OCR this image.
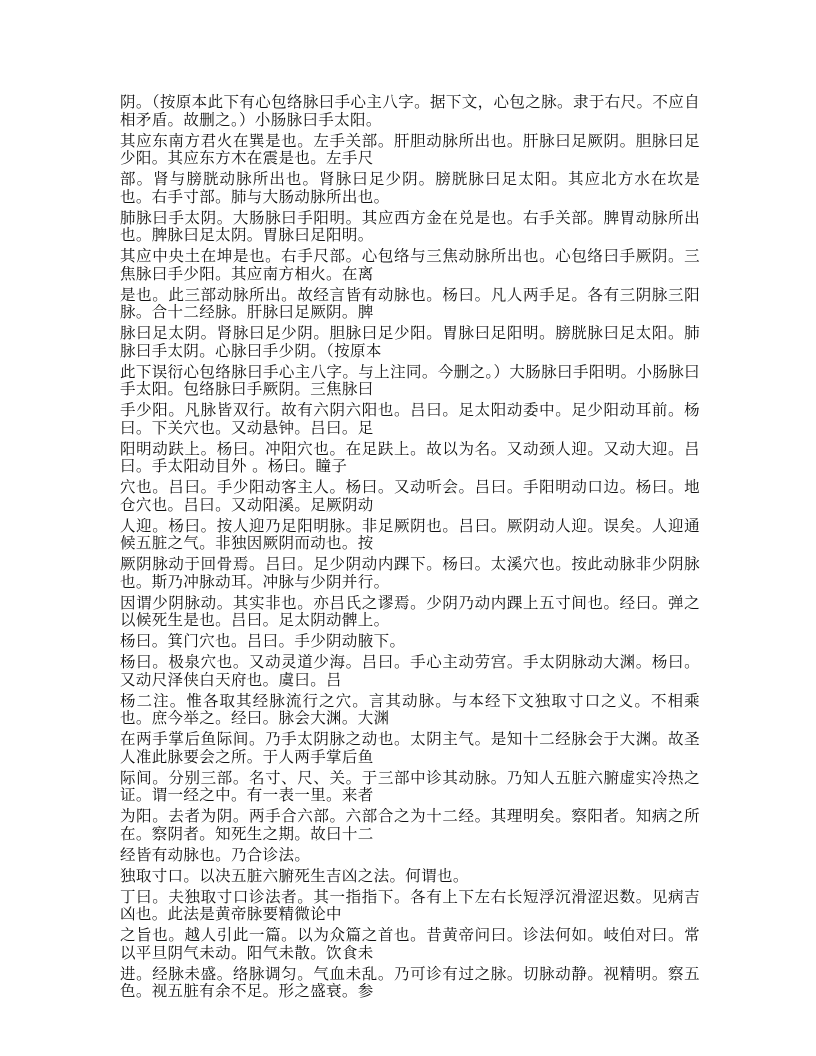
阴。（按原本此下有心包络脉曰手心主八字。据下文，心包之脉。隶于右尺。不应自相矛盾。故删之。）小肠脉曰手太阳。

其应东南方君火在巽是也。左手关部。肝胆动脉所出也。肝脉曰足厥阴。胆脉曰足少阳。其应东方木在震是也。左手尺

部。肾与膀胱动脉所出也。肾脉曰足少阴。膀胱脉曰足太阳。其应北方水在坎是也。右手寸部。肺与大肠动脉所出也。

肺脉曰手太阴。大肠脉曰手阳明。其应西方金在兑是也。右手关部。脾胃动脉所出也。脾脉曰足太阴。胃脉曰足阳明。

其应中央土在坤是也。右手尺部。心包络与三焦动脉所出也。心包络曰手厥阴。三焦脉曰手少阳。其应南方相火。在离

是也。此三部动脉所出。故经言皆有动脉也。杨曰。凡人两手足。各有三阴脉三阳脉。合十二经脉。肝脉曰足厥阴。脾

脉曰足太阴。肾脉曰足少阴。胆脉曰足少阳。胃脉曰足阳明。膀胱脉曰足太阳。肺脉曰手太阴。心脉曰手少阴。（按原本

此下误衍心包络脉曰手心主八字。与上注同。今删之。）大肠脉曰手阳明。小肠脉曰手太阳。包络脉曰手厥阴。三焦脉曰

手少阳。凡脉皆双行。故有六阴六阳也。吕曰。足太阳动委中。足少阳动耳前。杨曰。下关穴也。又动悬钟。吕曰。足

阳明动趺上。杨曰。冲阳穴也。在足趺上。故以为名。又动颈人迎。又动大迎。吕曰。手太阳动目外 。杨曰。瞳子

穴也。吕曰。手少阳动客主人。杨曰。又动听会。吕曰。手阳明动口边。杨曰。地仓穴也。吕曰。又动阳溪。足厥阴动

人迎。杨曰。按人迎乃足阳明脉。非足厥阴也。吕曰。厥阴动人迎。误矣。人迎通候五脏之气。非独因厥阴而动也。按

厥阴脉动于回骨焉。吕曰。足少阴动内踝下。杨曰。太溪穴也。按此动脉非少阴脉也。斯乃冲脉动耳。冲脉与少阴并行。

因谓少阴脉动。其实非也。亦吕氏之谬焉。少阴乃动内踝上五寸间也。经曰。弹之以候死生是也。吕曰。足太阴动髀上。

杨曰。箕门穴也。吕曰。手少阴动腋下。

杨曰。极泉穴也。又动灵道少海。吕曰。手心主动劳宫。手太阴脉动大渊。杨曰。又动尺泽侠白天府也。虞曰。吕

杨二注。惟各取其经脉流行之穴。言其动脉。与本经下文独取寸口之义。不相乘也。庶今举之。经曰。脉会大渊。大渊

在两手掌后鱼际间。乃手太阴脉之动也。太阴主气。是知十二经脉会于大渊。故圣人准此脉要会之所。于人两手掌后鱼

际间。分别三部。名寸、尺、关。于三部中诊其动脉。乃知人五脏六腑虚实冷热之证。谓一经之中。有一表一里。来者

为阳。去者为阴。两手合六部。六部合之为十二经。其理明矣。察阳者。知病之所在。察阴者。知死生之期。故曰十二

经皆有动脉也。乃合诊法。

独取寸口。以决五脏六腑死生吉凶之法。何谓也。

丁曰。夫独取寸口诊法者。其一指指下。各有上下左右长短浮沉滑涩迟数。见病吉凶也。此法是黄帝脉要精微论中

之旨也。越人引此一篇。以为众篇之首也。昔黄帝问曰。诊法何如。岐伯对曰。常以平旦阴气未动。阳气未散。饮食未

进。经脉未盛。络脉调匀。气血未乱。乃可诊有过之脉。切脉动静。视精明。察五色。视五脏有余不足。形之盛衰。参
